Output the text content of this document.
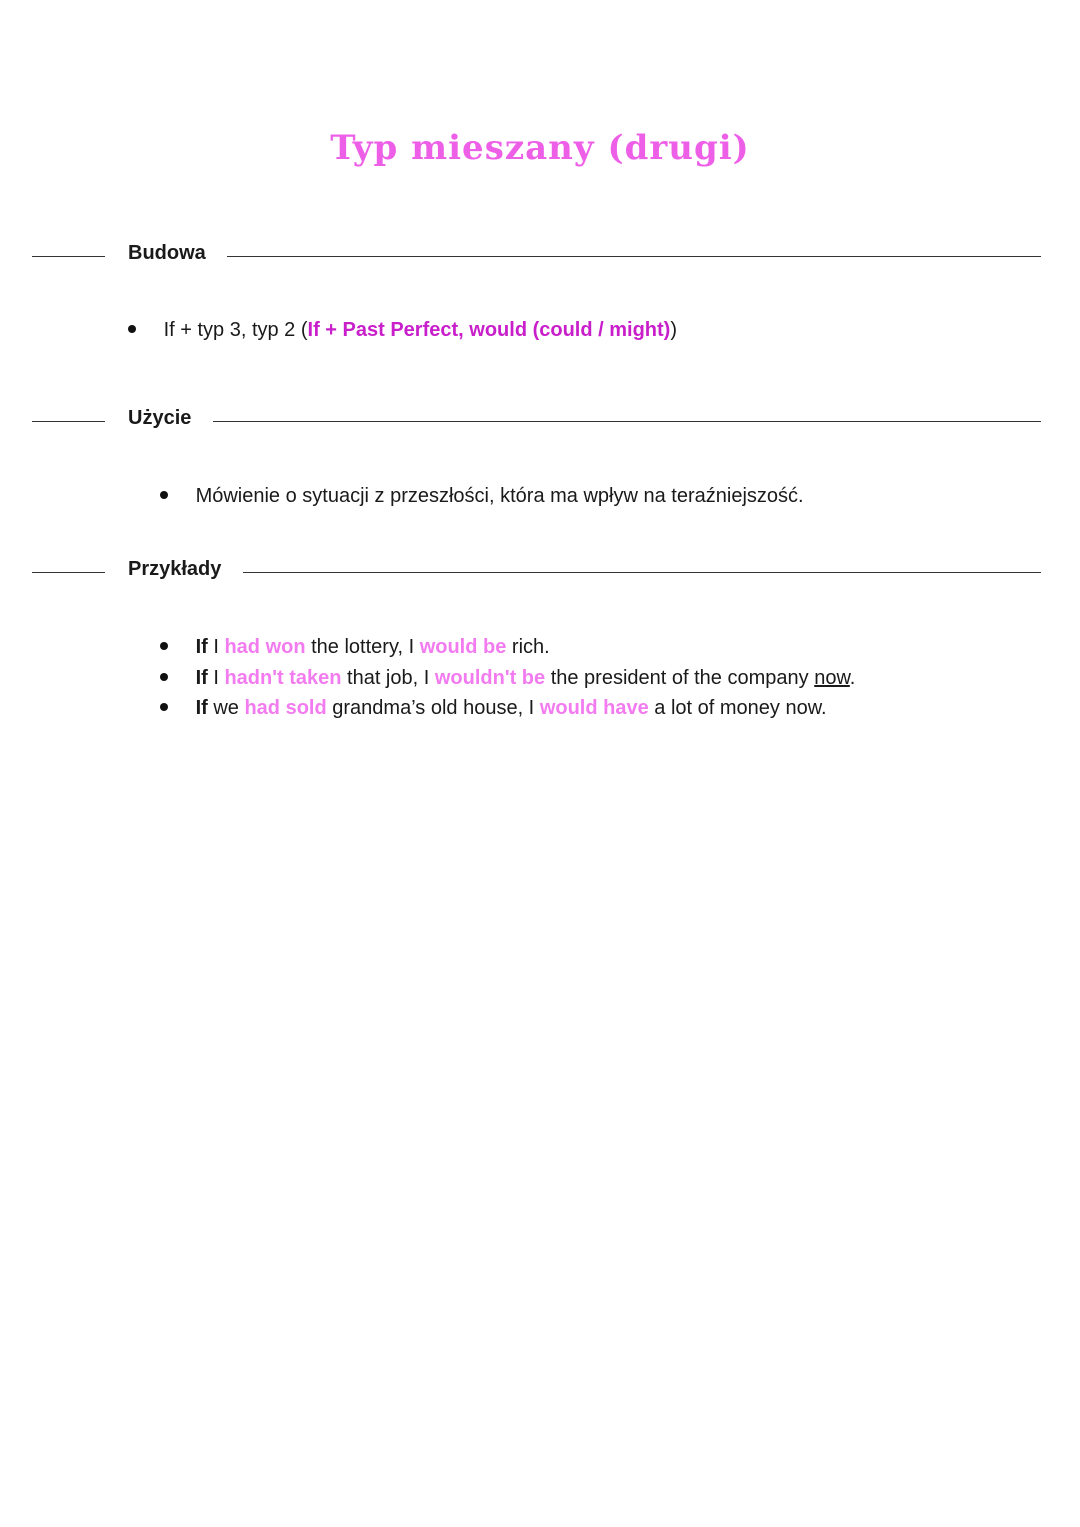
Typ mieszany (drugi)
Budowa
If + typ 3, typ 2 (If + Past Perfect, would (could / might))
Użycie
Mówienie o sytuacji z przeszłości, która ma wpływ na teraźniejszość.
Przykłady
If I had won the lottery, I would be rich.
If I hadn't taken that job, I wouldn't be the president of the company now.
If we had sold grandma’s old house, I would have a lot of money now.
